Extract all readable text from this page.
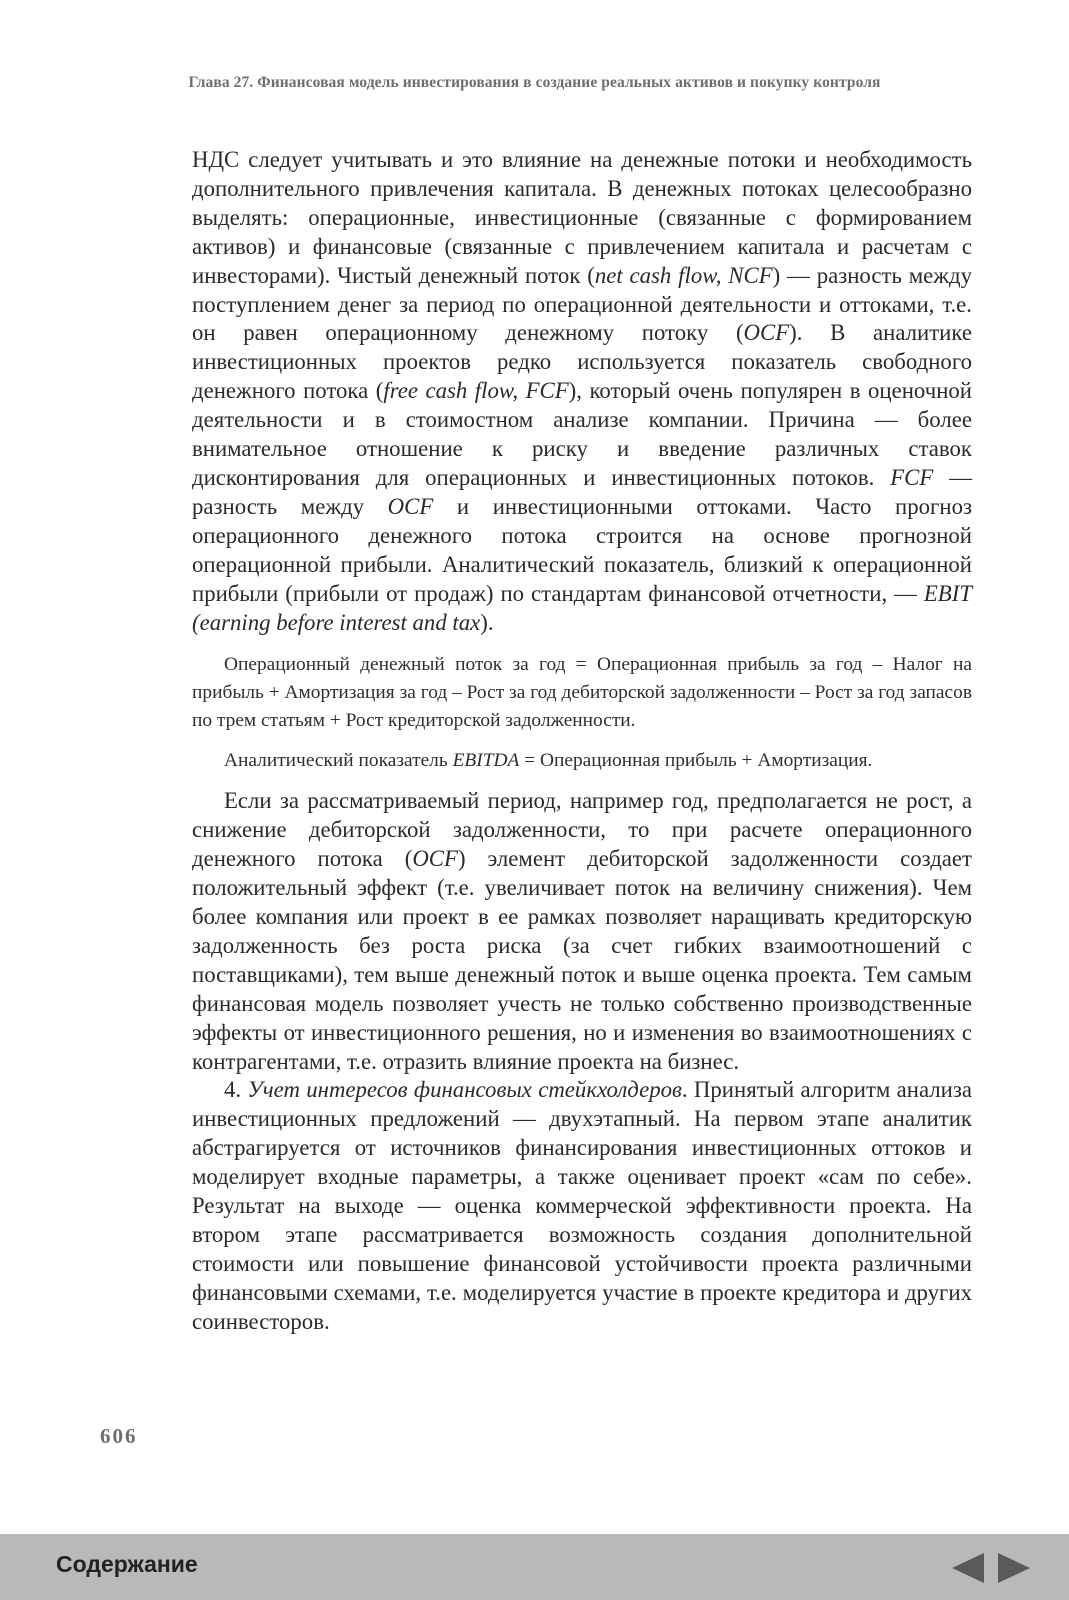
Глава 27. Финансовая модель инвестирования в создание реальных активов и покупку контроля

НДС следует учитывать и это влияние на денежные потоки и необходимость дополнительного привлечения капитала. В денежных потоках целесообразно выделять: операционные, инвестиционные (связанные с формированием активов) и финансовые (связанные с привлечением капитала и расчетам с инвесторами). Чистый денежный поток (net cash flow, NCF) — разность между поступлением денег за период по операционной деятельности и оттоками, т.е. он равен операционному денежному потоку (OCF). В аналитике инвестиционных проектов редко используется показатель свободного денежного потока (free cash flow, FCF), который очень популярен в оценочной деятельности и в стоимостном анализе компании. Причина — более внимательное отношение к риску и введение различных ставок дисконтирования для операционных и инвестиционных потоков. FCF — разность между OCF и инвестиционными оттоками. Часто прогноз операционного денежного потока строится на основе прогнозной операционной прибыли. Аналитический показатель, близкий к операционной прибыли (прибыли от продаж) по стандартам финансовой отчетности, — EBIT (earning before interest and tax).

Операционный денежный поток за год = Операционная прибыль за год – Налог на прибыль + Амортизация за год – Рост за год дебиторской задолженности – Рост за год запасов по трем статьям + Рост кредиторской задолженности.

Аналитический показатель EBITDA = Операционная прибыль + Амортизация.

Если за рассматриваемый период, например год, предполагается не рост, а снижение дебиторской задолженности, то при расчете операционного денежного потока (OCF) элемент дебиторской задолженности создает положительный эффект (т.е. увеличивает поток на величину снижения). Чем более компания или проект в ее рамках позволяет наращивать кредиторскую задолженность без роста риска (за счет гибких взаимоотношений с поставщиками), тем выше денежный поток и выше оценка проекта. Тем самым финансовая модель позволяет учесть не только собственно производственные эффекты от инвестиционного решения, но и изменения во взаимоотношениях с контрагентами, т.е. отразить влияние проекта на бизнес.

4. Учет интересов финансовых стейкхолдеров. Принятый алгоритм анализа инвестиционных предложений — двухэтапный. На первом этапе аналитик абстрагируется от источников финансирования инвестиционных оттоков и моделирует входные параметры, а также оценивает проект «сам по себе». Результат на выходе — оценка коммерческой эффективности проекта. На втором этапе рассматривается возможность создания дополнительной стоимости или повышение финансовой устойчивости проекта различными финансовыми схемами, т.е. моделируется участие в проекте кредитора и других соинвесторов.

606
Содержание
